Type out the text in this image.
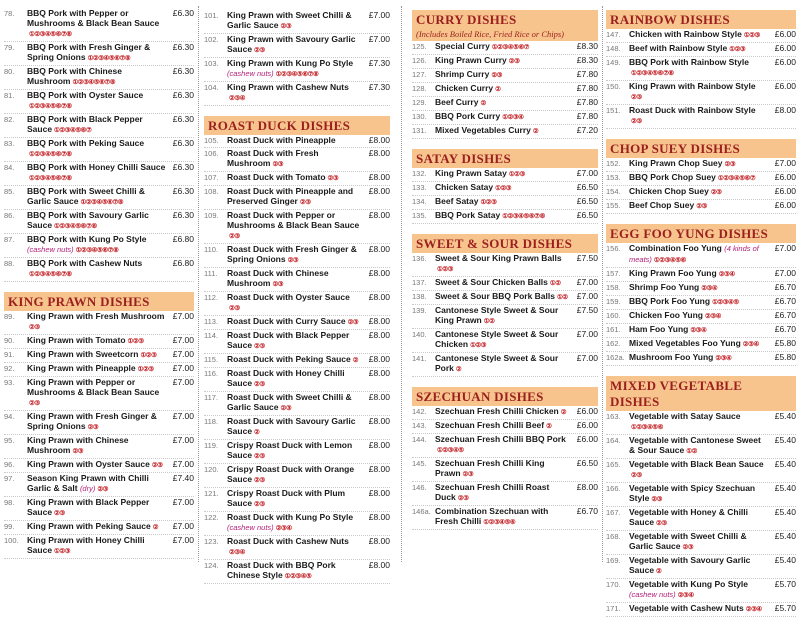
78.	BBQ Pork with Pepper or Mushrooms & Black Bean Sauce①②③④⑤⑥⑦⑧
£6.30
79.	BBQ Pork with Fresh Ginger & Spring Onions ①②③④⑤⑥⑦⑧
£6.30
80.	BBQ Pork with Chinese Mushroom ①②③④⑤⑥⑦⑧
£6.30
81.	BBQ Pork with Oyster Sauce①②③④⑤⑥⑦⑧
£6.30
82.	BBQ Pork with Black Pepper Sauce ①②③④⑤⑥⑦
£6.30
83.	BBQ Pork with Peking Sauce①②③④⑤⑥⑦⑧
£6.30
84.	BBQ Pork with Honey Chilli Sauce①②③④⑤⑥⑦⑧
£6.30
85.	BBQ Pork with Sweet Chilli & Garlic Sauce ①②③④⑤⑥⑦⑧
£6.30
86.	BBQ Pork with Savoury Garlic Sauce ①②③④⑤⑥⑦⑧
£6.30
87.	BBQ Pork with Kung Po Style (cashew nuts) ①②③④⑤⑥⑦⑧
£6.80
88.	BBQ Pork with Cashew Nuts①②③④⑤⑥⑦⑧
£6.80
KING PRAWN DISHES
89.	King Prawn with Fresh Mushroom②③
£7.00
90.	King Prawn with Tomato ①②③	£7.00
91.	King Prawn with Sweetcorn ①②③	£7.00
92.	King Prawn with Pineapple ①②③	£7.00
93.	King Prawn with Pepper or Mushrooms & Black Bean Sauce②③
£7.00
94.	King Prawn with Fresh Ginger & Spring Onions ②③
£7.00
95.	King Prawn with Chinese Mushroom ②③
£7.00
96.	King Prawn with Oyster Sauce ②③	£7.00
97.	Season King Prawn with Chilli Garlic & Salt (dry) ②③
£7.40
98.	King Prawn with Black Pepper Sauce ②③
£7.00
99.	King Prawn with Peking Sauce ②	£7.00
100. King Prawn with Honey Chilli Sauce ①②③
£7.00
101. King Prawn with Sweet Chilli & Garlic Sauce ②③
£7.00
102. King Prawn with Savoury Garlic Sauce ②③
£7.00
103. King Prawn with Kung Po Style (cashew nuts) ①②③④⑤⑥⑦⑧
£7.30
104. King Prawn with Cashew Nuts②③④
£7.30
ROAST DUCK DISHES
105. Roast Duck with Pineapple	£8.00
106. Roast Duck with Fresh Mushroom ②③
£8.00
107. Roast Duck with Tomato ②③	£8.00
108. Roast Duck with Pineapple and Preserved Ginger ②③
£8.00
109. Roast Duck with Pepper or Mushrooms & Black Bean Sauce②③
£8.00
110.	Roast Duck with Fresh Ginger & Spring Onions ②③
£8.00
111.	Roast Duck with Chinese Mushroom ②③
£8.00
112.	Roast Duck with Oyster Sauce②③
£8.00
113.	Roast Duck with Curry Sauce ②③	£8.00
114.	Roast Duck with Black Pepper Sauce ②③
£8.00
115.	Roast Duck with Peking Sauce ②	£8.00
116.	Roast Duck with Honey Chilli Sauce ②③
£8.00
117.	Roast Duck with Sweet Chilli & Garlic Sauce ②③
£8.00
118.	Roast Duck with Savoury Garlic Sauce ②
£8.00
119.	Crispy Roast Duck with Lemon Sauce ②③
£8.00
120. Crispy Roast Duck with Orange Sauce ②③
£8.00
121. Crispy Roast Duck with Plum Sauce ②③
£8.00
122. Roast Duck with Kung Po Style (cashew nuts) ②③④
£8.00
123. Roast Duck with Cashew Nuts②③④
£8.00
124. Roast Duck with BBQ Pork Chinese Style ①②③④⑤
£8.00
CURRY DISHES
(Includes Boiled Rice, Fried Rice or Chips)
125. Special Curry ①②③④⑤⑥⑦	£8.30
126. King Prawn Curry ②③	£8.30
127. Shrimp Curry ②③	£7.80
128. Chicken Curry ②	£7.80
129. Beef Curry ②	£7.80
130. BBQ Pork Curry ①②③④	£7.80
131. Mixed Vegetables Curry ②	£7.20
SATAY DISHES
132. King Prawn Satay ①②③	£7.00
133. Chicken Satay ①②③	£6.50
134. Beef Satay ①②③	£6.50
135. BBQ Pork Satay ①②③④⑤⑥⑦⑧	£6.50
SWEET & SOUR DISHES
136. Sweet & Sour King Prawn Balls①②③
£7.50
137. Sweet & Sour Chicken Balls ①②	£7.00
138. Sweet & Sour BBQ Pork Balls ①②	£7.00
139. Cantonese Style Sweet & Sour King Prawn ①②
£7.50
140. Cantonese Style Sweet & Sour Chicken ①②③
£7.00
141. Cantonese Style Sweet & Sour Pork ②
£7.00
SZECHUAN DISHES
142. Szechuan Fresh Chilli Chicken ②	£6.00
143. Szechuan Fresh Chilli Beef ②	£6.00
144. Szechuan Fresh Chilli BBQ Pork①②③④⑤
£6.00
145. Szechuan Fresh Chilli King Prawn ②③
£6.50
146. Szechuan Fresh Chilli Roast Duck ②③
£8.00
146a. Combination Szechuan with Fresh Chilli ①②③④⑤⑥
£6.70
RAINBOW DISHES
147. Chicken with Rainbow Style ①②③	£6.00
148. Beef with Rainbow Style ①②③	£6.00
149. BBQ Pork with Rainbow Style①②③④⑤⑥⑦⑧
£6.00
150. King Prawn with Rainbow Style②③
£6.00
151. Roast Duck with Rainbow Style②③
£8.00
CHOP SUEY DISHES
152. King Prawn Chop Suey ②③	£7.00
153. BBQ Pork Chop Suey ①②③④⑤⑥⑦	£6.00
154. Chicken Chop Suey ②③	£6.00
155. Beef Chop Suey ②③	£6.00
EGG FOO YUNG DISHES
156. Combination Foo Yung (4 kinds of meats) ①②③④⑤⑥
£7.00
157. King Prawn Foo Yung ②③④	£7.00
158. Shrimp Foo Yung ②③④	£6.70
159. BBQ Pork Foo Yung ①②③④⑤	£6.70
160. Chicken Foo Yung ②③④	£6.70
161. Ham Foo Yung ②③④	£6.70
162. Mixed Vegetables Foo Yung ②③④	£5.80
162a. Mushroom Foo Yung ②③④	£5.80
MIXED VEGETABLE DISHES
163. Vegetable with Satay Sauce①②③④⑤⑥
£5.40
164. Vegetable with Cantonese Sweet & Sour Sauce ①②
£5.40
165. Vegetable with Black Bean Sauce②③
£5.40
166. Vegetable with Spicy Szechuan Style ②③
£5.40
167. Vegetable with Honey & Chilli Sauce ②③
£5.40
168. Vegetable with Sweet Chilli & Garlic Sauce ②③
£5.40
169. Vegetable with Savoury Garlic Sauce ②
£5.40
170. Vegetable with Kung Po Style (cashew nuts) ②③④
£5.70
171. Vegetable with Cashew Nuts ②③④	£5.70
